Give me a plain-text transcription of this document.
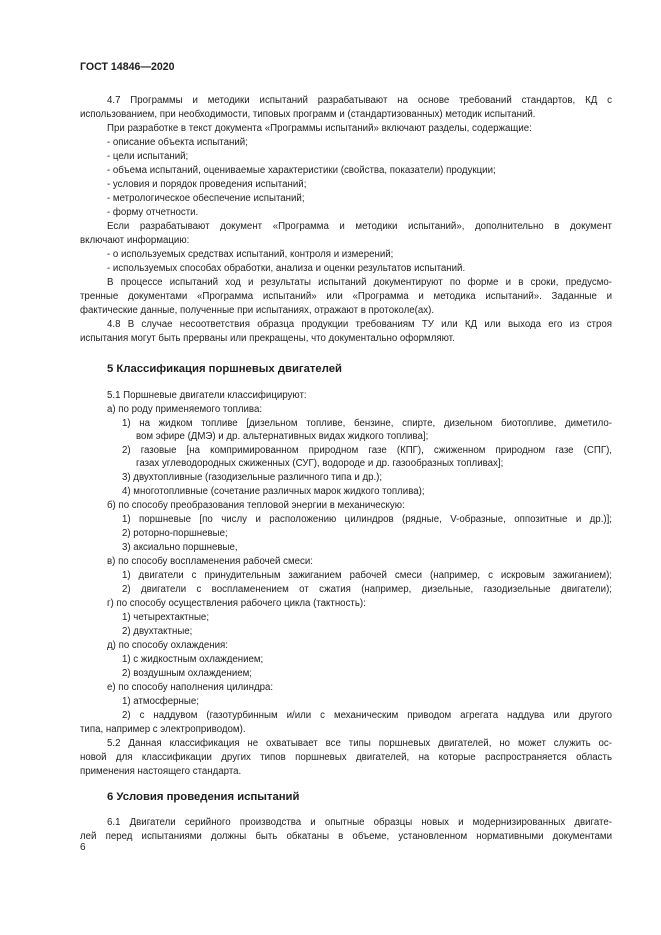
ГОСТ 14846—2020
4.7 Программы и методики испытаний разрабатывают на основе требований стандартов, КД с
использованием, при необходимости, типовых программ и (стандартизованных) методик испытаний.
При разработке в текст документа «Программы испытаний» включают разделы, содержащие:
- описание объекта испытаний;
- цели испытаний;
- объема испытаний, оцениваемые характеристики (свойства, показатели) продукции;
- условия и порядок проведения испытаний;
- метрологическое обеспечение испытаний;
- форму отчетности.
Если разрабатывают документ «Программа и методики испытаний», дополнительно в документ
включают информацию:
- о используемых средствах испытаний, контроля и измерений;
- используемых способах обработки, анализа и оценки результатов испытаний.
В процессе испытаний ход и результаты испытаний документируют по форме и в сроки, предусмо-
тренные документами «Программа испытаний» или «Программа и методика испытаний». Заданные и
фактические данные, полученные при испытаниях, отражают в протоколе(ах).
4.8 В случае несоответствия образца продукции требованиям ТУ или КД или выхода его из строя
испытания могут быть прерваны или прекращены, что документально оформляют.
5 Классификация поршневых двигателей
5.1 Поршневые двигатели классифицируют:
а) по роду применяемого топлива:
1) на жидком топливе [дизельном топливе, бензине, спирте, дизельном биотопливе, диметило-
вом эфире (ДМЭ) и др. альтернативных видах жидкого топлива];
2) газовые [на компримированном природном газе (КПГ), сжиженном природном газе (СПГ),
газах углеводородных сжиженных (СУГ), водороде и др. газообразных топливах];
3) двухтопливные (газодизельные различного типа и др.);
4) многотопливные (сочетание различных марок жидкого топлива);
б) по способу преобразования тепловой энергии в механическую:
1) поршневые [по числу и расположению цилиндров (рядные, V-образные, оппозитные и др.)];
2) роторно-поршневые;
3) аксиально поршневые,
в) по способу воспламенения рабочей смеси:
1) двигатели с принудительным зажиганием рабочей смеси (например, с искровым зажиганием);
2) двигатели с воспламенением от сжатия (например, дизельные, газодизельные двигатели);
г) по способу осуществления рабочего цикла (тактность):
1) четырехтактные;
2) двухтактные;
д) по способу охлаждения:
1) с жидкостным охлаждением;
2) воздушным охлаждением;
е) по способу наполнения цилиндра:
1) атмосферные;
2) с наддувом (газотурбинным и/или с механическим приводом агрегата наддува или другого
типа, например с электроприводом).
5.2 Данная классификация не охватывает все типы поршневых двигателей, но может служить ос-
новой для классификации других типов поршневых двигателей, на которые распространяется область
применения настоящего стандарта.
6 Условия проведения испытаний
6.1 Двигатели серийного производства и опытные образцы новых и модернизированных двигате-
лей перед испытаниями должны быть обкатаны в объеме, установленном нормативными документами
6
